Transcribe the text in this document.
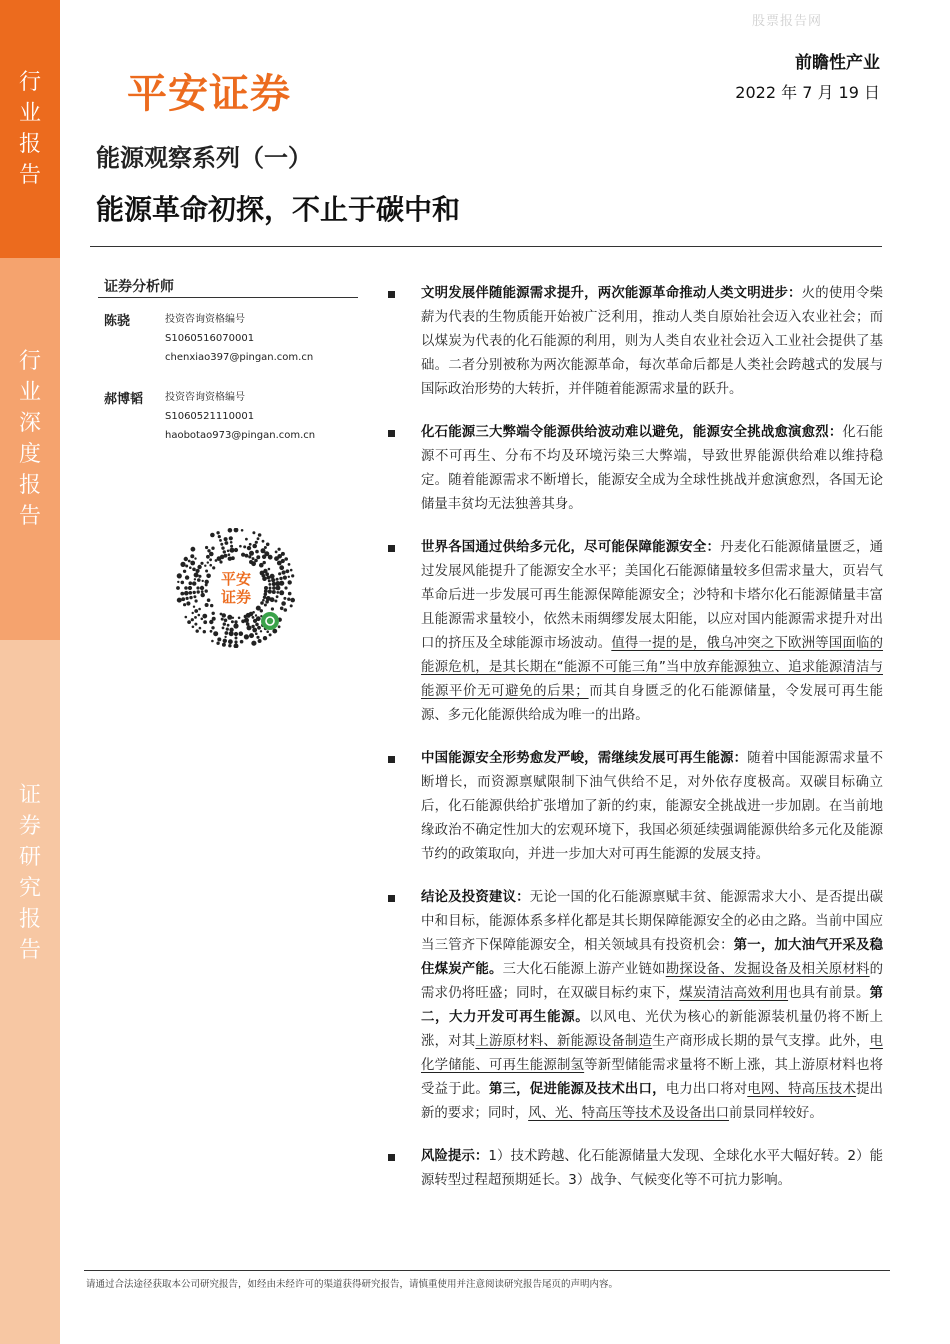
行
业
报
告
行
业
深
度
报
告
证
券
研
究
报
告
股票报告网
平安证券
前瞻性产业
2022 年 7 月 19 日
能源观察系列（一）
能源革命初探，不止于碳中和
证券分析师
陈骁	投资咨询资格编号
S1060516070001
chenxiao397@pingan.com.cn
郝博韬 投资咨询资格编号
S1060521110001
haobotao973@pingan.com.cn
平安
证券
文明发展伴随能源需求提升，两次能源革命推动人类文明进步：火的使用令柴薪为代表的生物质能开始被广泛利用，推动人类自原始社会迈入农业社会；而以煤炭为代表的化石能源的利用，则为人类自农业社会迈入工业社会提供了基础。二者分别被称为两次能源革命，每次革命后都是人类社会跨越式的发展与国际政治形势的大转折，并伴随着能源需求量的跃升。
化石能源三大弊端令能源供给波动难以避免，能源安全挑战愈演愈烈：化石能源不可再生、分布不均及环境污染三大弊端，导致世界能源供给难以维持稳定。随着能源需求不断增长，能源安全成为全球性挑战并愈演愈烈，各国无论储量丰贫均无法独善其身。
世界各国通过供给多元化，尽可能保障能源安全：丹麦化石能源储量匮乏，通过发展风能提升了能源安全水平；美国化石能源储量较多但需求量大，页岩气革命后进一步发展可再生能源保障能源安全；沙特和卡塔尔化石能源储量丰富且能源需求量较小，依然未雨绸缪发展太阳能，以应对国内能源需求提升对出口的挤压及全球能源市场波动。值得一提的是，俄乌冲突之下欧洲等国面临的能源危机，是其长期在“能源不可能三角”当中放弃能源独立、追求能源清洁与能源平价无可避免的后果；而其自身匮乏的化石能源储量，令发展可再生能源、多元化能源供给成为唯一的出路。
中国能源安全形势愈发严峻，需继续发展可再生能源：随着中国能源需求量不断增长，而资源禀赋限制下油气供给不足，对外依存度极高。双碳目标确立后，化石能源供给扩张增加了新的约束，能源安全挑战进一步加剧。在当前地缘政治不确定性加大的宏观环境下，我国必须延续强调能源供给多元化及能源节约的政策取向，并进一步加大对可再生能源的发展支持。
结论及投资建议：无论一国的化石能源禀赋丰贫、能源需求大小、是否提出碳中和目标，能源体系多样化都是其长期保障能源安全的必由之路。当前中国应当三管齐下保障能源安全，相关领域具有投资机会：第一，加大油气开采及稳住煤炭产能。三大化石能源上游产业链如勘探设备、发掘设备及相关原材料的需求仍将旺盛；同时，在双碳目标约束下，煤炭清洁高效利用也具有前景。第二，大力开发可再生能源。以风电、光伏为核心的新能源装机量仍将不断上涨，对其上游原材料、新能源设备制造生产商形成长期的景气支撑。此外，电化学储能、可再生能源制氢等新型储能需求量将不断上涨，其上游原材料也将受益于此。第三，促进能源及技术出口，电力出口将对电网、特高压技术提出新的要求；同时，风、光、特高压等技术及设备出口前景同样较好。
风险提示：1）技术跨越、化石能源储量大发现、全球化水平大幅好转。2）能源转型过程超预期延长。3）战争、气候变化等不可抗力影响。
请通过合法途径获取本公司研究报告，如经由未经许可的渠道获得研究报告，请慎重使用并注意阅读研究报告尾页的声明内容。
